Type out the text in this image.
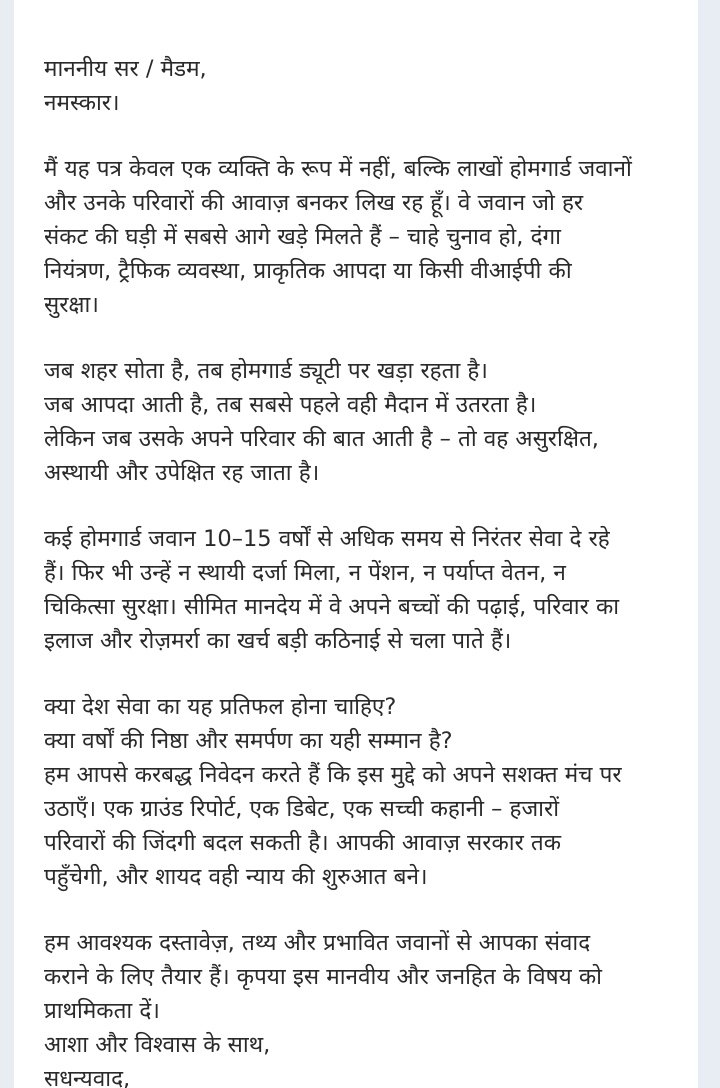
माननीय सर / मैडम,
नमस्कार।
मैं यह पत्र केवल एक व्यक्ति के रूप में नहीं, बल्कि लाखों होमगार्ड जवानों
और उनके परिवारों की आवाज़ बनकर लिख रह हूँ। वे जवान जो हर
संकट की घड़ी में सबसे आगे खड़े मिलते हैं – चाहे चुनाव हो, दंगा
नियंत्रण, ट्रैफिक व्यवस्था, प्राकृतिक आपदा या किसी वीआईपी की
सुरक्षा।
जब शहर सोता है, तब होमगार्ड ड्यूटी पर खड़ा रहता है।
जब आपदा आती है, तब सबसे पहले वही मैदान में उतरता है।
लेकिन जब उसके अपने परिवार की बात आती है – तो वह असुरक्षित,
अस्थायी और उपेक्षित रह जाता है।
कई होमगार्ड जवान 10–15 वर्षों से अधिक समय से निरंतर सेवा दे रहे
हैं। फिर भी उन्हें न स्थायी दर्जा मिला, न पेंशन, न पर्याप्त वेतन, न
चिकित्सा सुरक्षा। सीमित मानदेय में वे अपने बच्चों की पढ़ाई, परिवार का
इलाज और रोज़मर्रा का खर्च बड़ी कठिनाई से चला पाते हैं।
क्या देश सेवा का यह प्रतिफल होना चाहिए?
क्या वर्षों की निष्ठा और समर्पण का यही सम्मान है?
हम आपसे करबद्ध निवेदन करते हैं कि इस मुद्दे को अपने सशक्त मंच पर
उठाएँ। एक ग्राउंड रिपोर्ट, एक डिबेट, एक सच्ची कहानी – हजारों
परिवारों की जिंदगी बदल सकती है। आपकी आवाज़ सरकार तक
पहुँचेगी, और शायद वही न्याय की शुरुआत बने।
हम आवश्यक दस्तावेज़, तथ्य और प्रभावित जवानों से आपका संवाद
कराने के लिए तैयार हैं। कृपया इस मानवीय और जनहित के विषय को
प्राथमिकता दें।
आशा और विश्वास के साथ,
सधन्यवाद,
